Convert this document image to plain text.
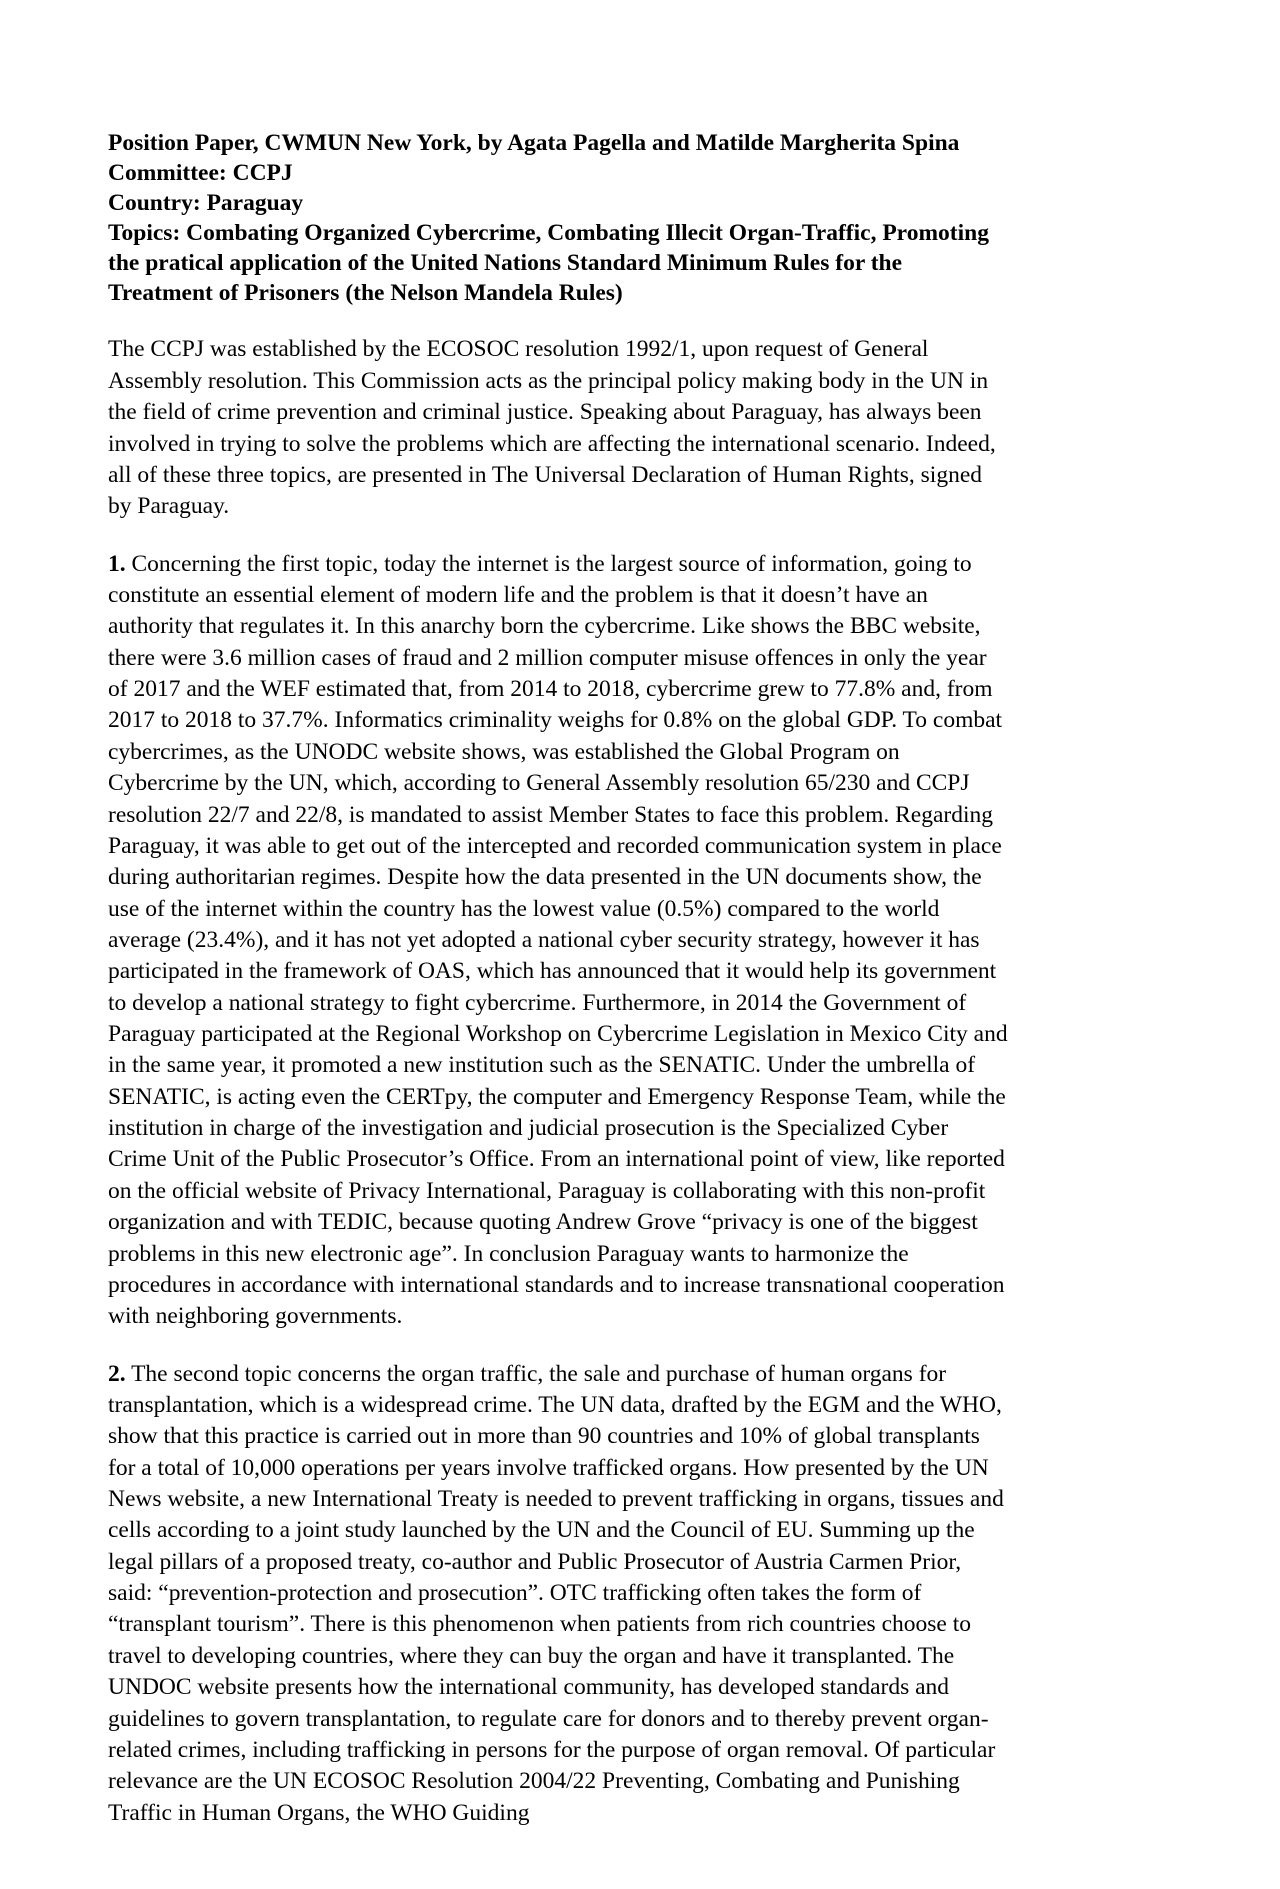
Position Paper, CWMUN New York, by Agata Pagella and Matilde Margherita Spina
Committee: CCPJ
Country: Paraguay
Topics: Combating Organized Cybercrime, Combating Illecit Organ-Traffic, Promoting the pratical application of the United Nations Standard Minimum Rules for the Treatment of Prisoners (the Nelson Mandela Rules)

The CCPJ was established by the ECOSOC resolution 1992/1, upon request of General Assembly resolution. This Commission acts as the principal policy making body in the UN in the field of crime prevention and criminal justice. Speaking about Paraguay, has always been involved in trying to solve the problems which are affecting the international scenario. Indeed, all of these three topics, are presented in The Universal Declaration of Human Rights, signed by Paraguay.

1. Concerning the first topic, today the internet is the largest source of information, going to constitute an essential element of modern life and the problem is that it doesn’t have an authority that regulates it. In this anarchy born the cybercrime. Like shows the BBC website, there were 3.6 million cases of fraud and 2 million computer misuse offences in only the year of 2017 and the WEF estimated that, from 2014 to 2018, cybercrime grew to 77.8% and, from 2017 to 2018 to 37.7%. Informatics criminality weighs for 0.8% on the global GDP. To combat cybercrimes, as the UNODC website shows, was established the Global Program on Cybercrime by the UN, which, according to General Assembly resolution 65/230 and CCPJ resolution 22/7 and 22/8, is mandated to assist Member States to face this problem. Regarding Paraguay, it was able to get out of the intercepted and recorded communication system in place during authoritarian regimes. Despite how the data presented in the UN documents show, the use of the internet within the country has the lowest value (0.5%) compared to the world average (23.4%), and it has not yet adopted a national cyber security strategy, however it has participated in the framework of OAS, which has announced that it would help its government to develop a national strategy to fight cybercrime. Furthermore, in 2014 the Government of Paraguay participated at the Regional Workshop on Cybercrime Legislation in Mexico City and in the same year, it promoted a new institution such as the SENATIC. Under the umbrella of SENATIC, is acting even the CERTpy, the computer and Emergency Response Team, while the institution in charge of the investigation and judicial prosecution is the Specialized Cyber Crime Unit of the Public Prosecutor’s Office. From an international point of view, like reported on the official website of Privacy International, Paraguay is collaborating with this non-profit organization and with TEDIC, because quoting Andrew Grove “privacy is one of the biggest problems in this new electronic age”. In conclusion Paraguay wants to harmonize the procedures in accordance with international standards and to increase transnational cooperation with neighboring governments.

2. The second topic concerns the organ traffic, the sale and purchase of human organs for transplantation, which is a widespread crime. The UN data, drafted by the EGM and the WHO, show that this practice is carried out in more than 90 countries and 10% of global transplants for a total of 10,000 operations per years involve trafficked organs. How presented by the UN News website, a new International Treaty is needed to prevent trafficking in organs, tissues and cells according to a joint study launched by the UN and the Council of EU. Summing up the legal pillars of a proposed treaty, co-author and Public Prosecutor of Austria Carmen Prior, said: “prevention-protection and prosecution”. OTC trafficking often takes the form of “transplant tourism”. There is this phenomenon when patients from rich countries choose to travel to developing countries, where they can buy the organ and have it transplanted. The UNDOC website presents how the international community, has developed standards and guidelines to govern transplantation, to regulate care for donors and to thereby prevent organ-related crimes, including trafficking in persons for the purpose of organ removal. Of particular relevance are the UN ECOSOC Resolution 2004/22 Preventing, Combating and Punishing Traffic in Human Organs, the WHO Guiding
